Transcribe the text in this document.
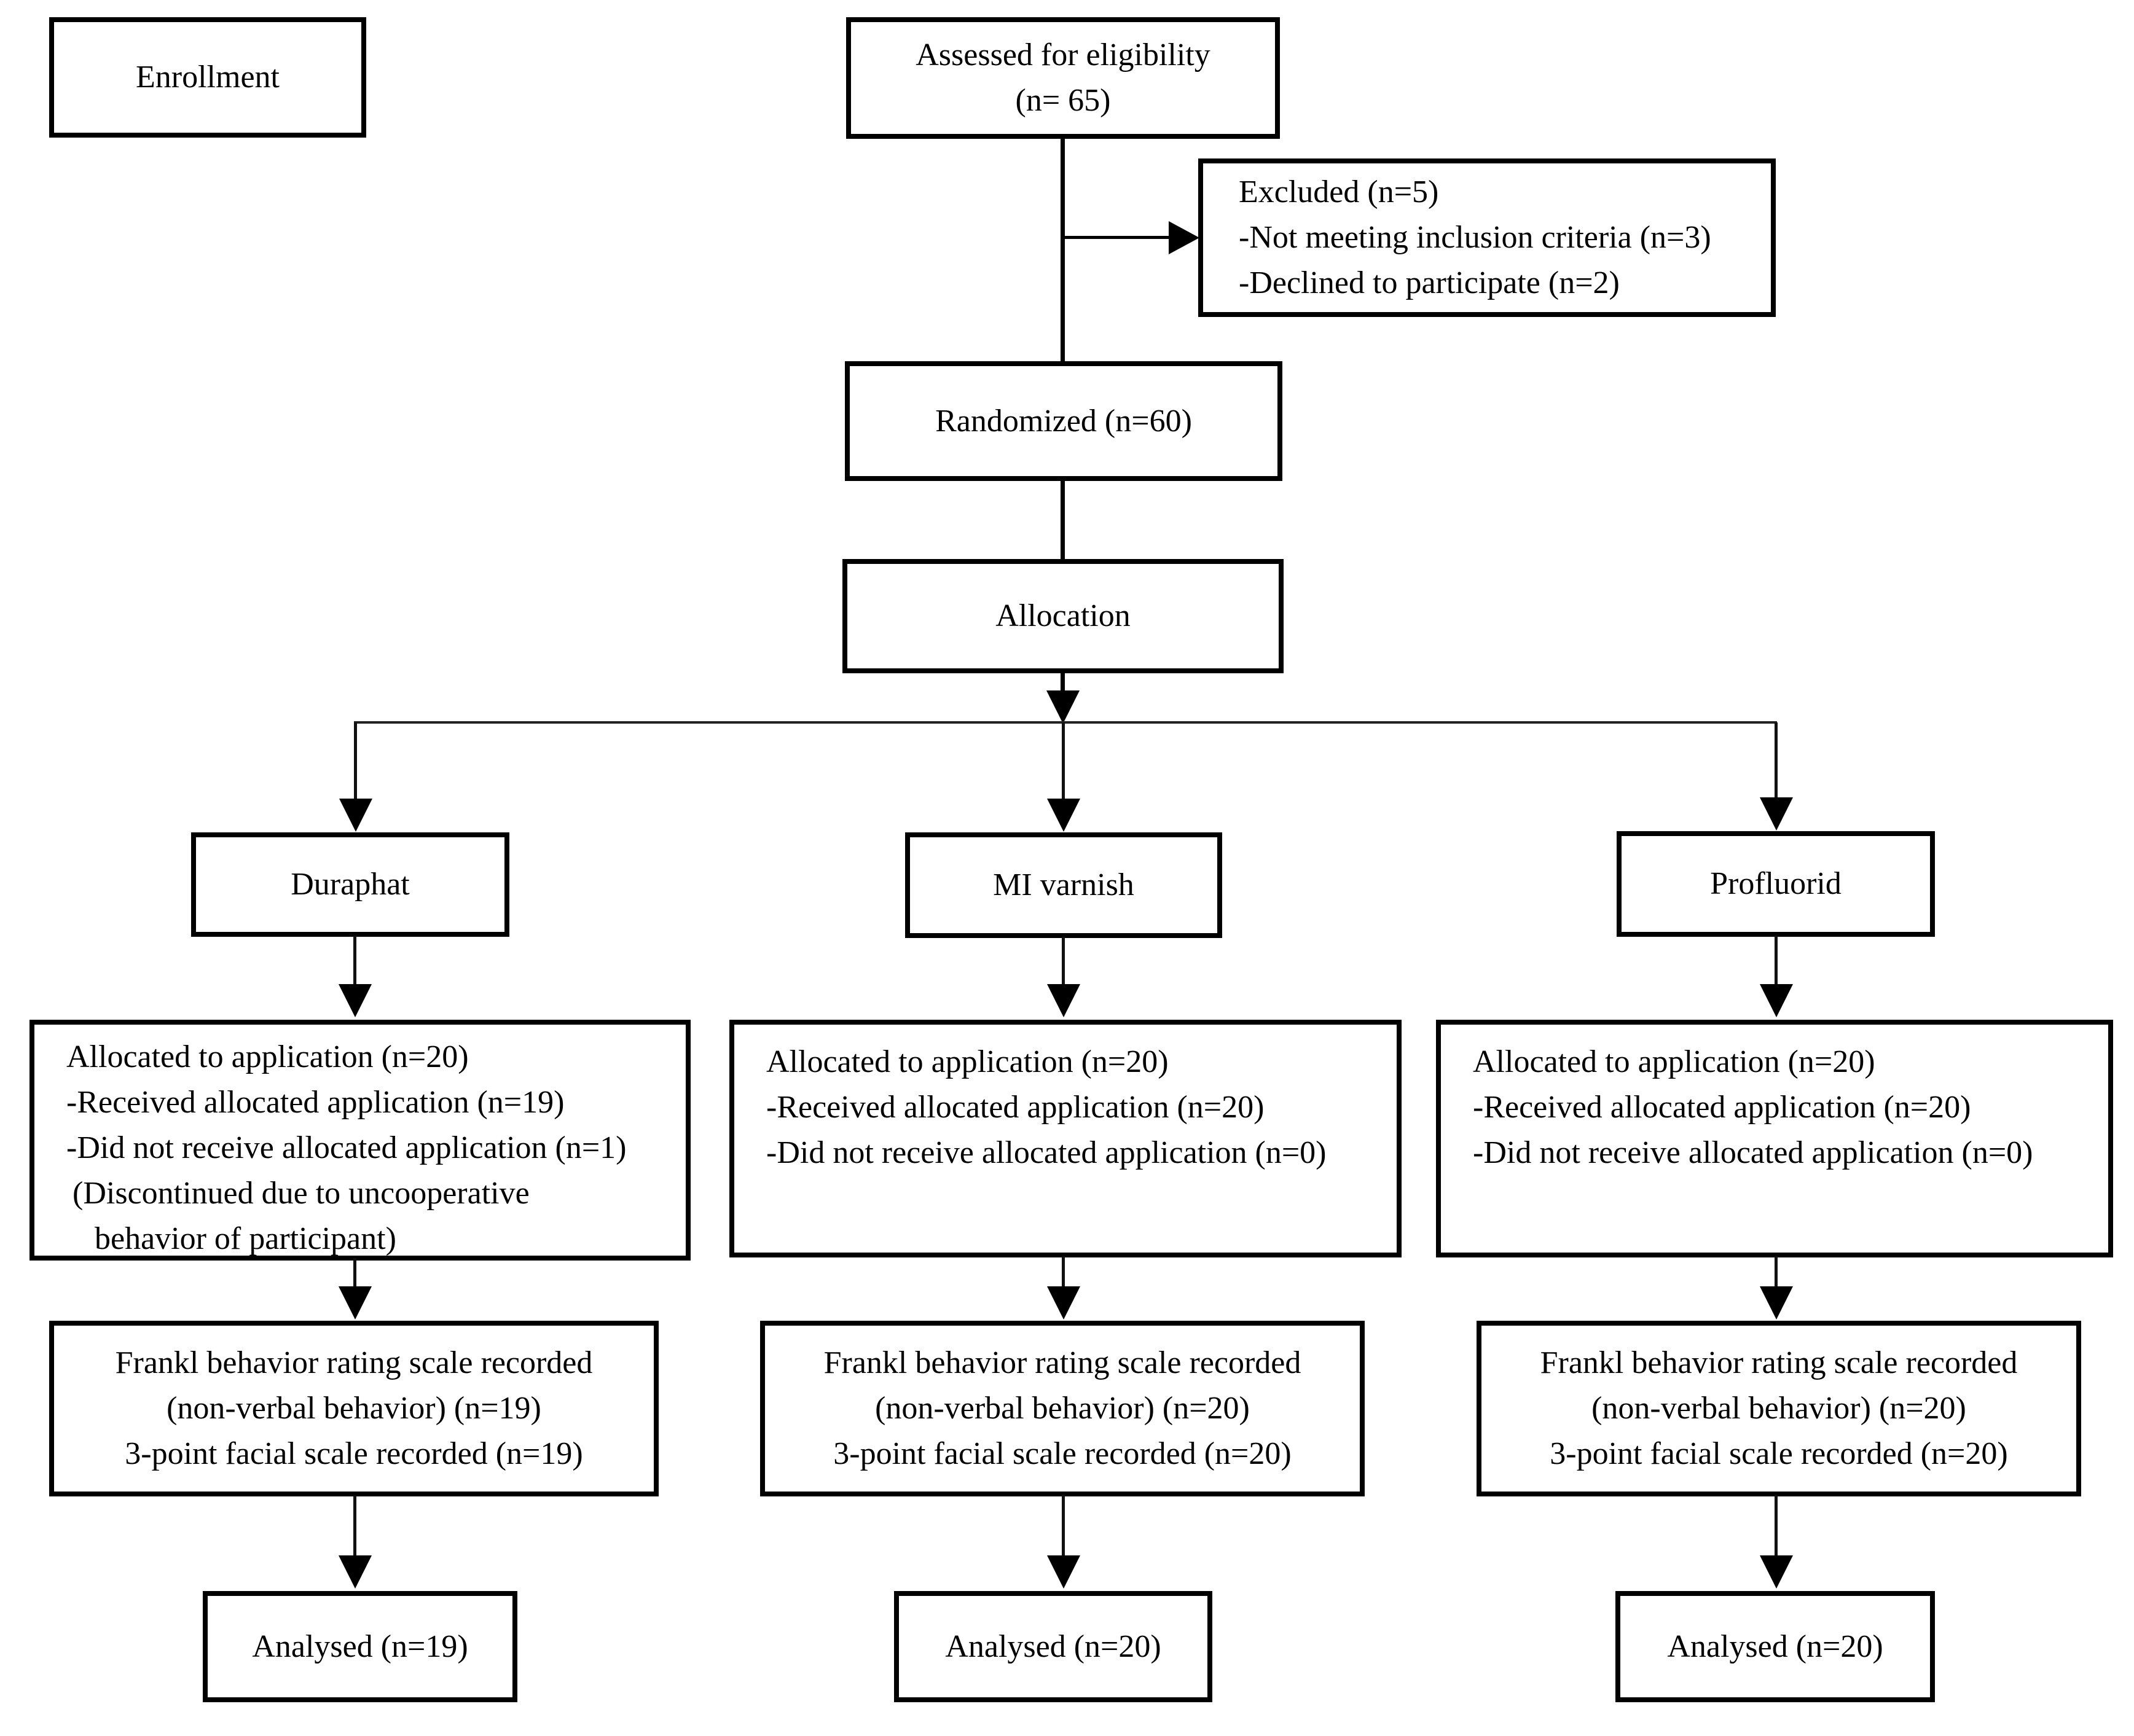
Enrollment
Assessed for eligibility
(n= 65)
Excluded (n=5)
-Not meeting inclusion criteria (n=3)
-Declined to participate (n=2)
Randomized (n=60)
Allocation
Duraphat	MI varnish	Profluorid
Allocated to application (n=20)
-Received allocated application (n=19)
-Did not receive allocated application (n=1)
(Discontinued due to uncooperative
behavior of participant)
Allocated to application (n=20)
-Received allocated application (n=20)
-Did not receive allocated application (n=0)
Allocated to application (n=20)
-Received allocated application (n=20)
-Did not receive allocated application (n=0)
Frankl behavior rating scale recorded
(non-verbal behavior) (n=19)
3-point facial scale recorded (n=19)
Frankl behavior rating scale recorded
(non-verbal behavior) (n=20)
3-point facial scale recorded (n=20)
Frankl behavior rating scale recorded
(non-verbal behavior) (n=20)
3-point facial scale recorded (n=20)
Analysed (n=19)	Analysed (n=20)	Analysed (n=20)
